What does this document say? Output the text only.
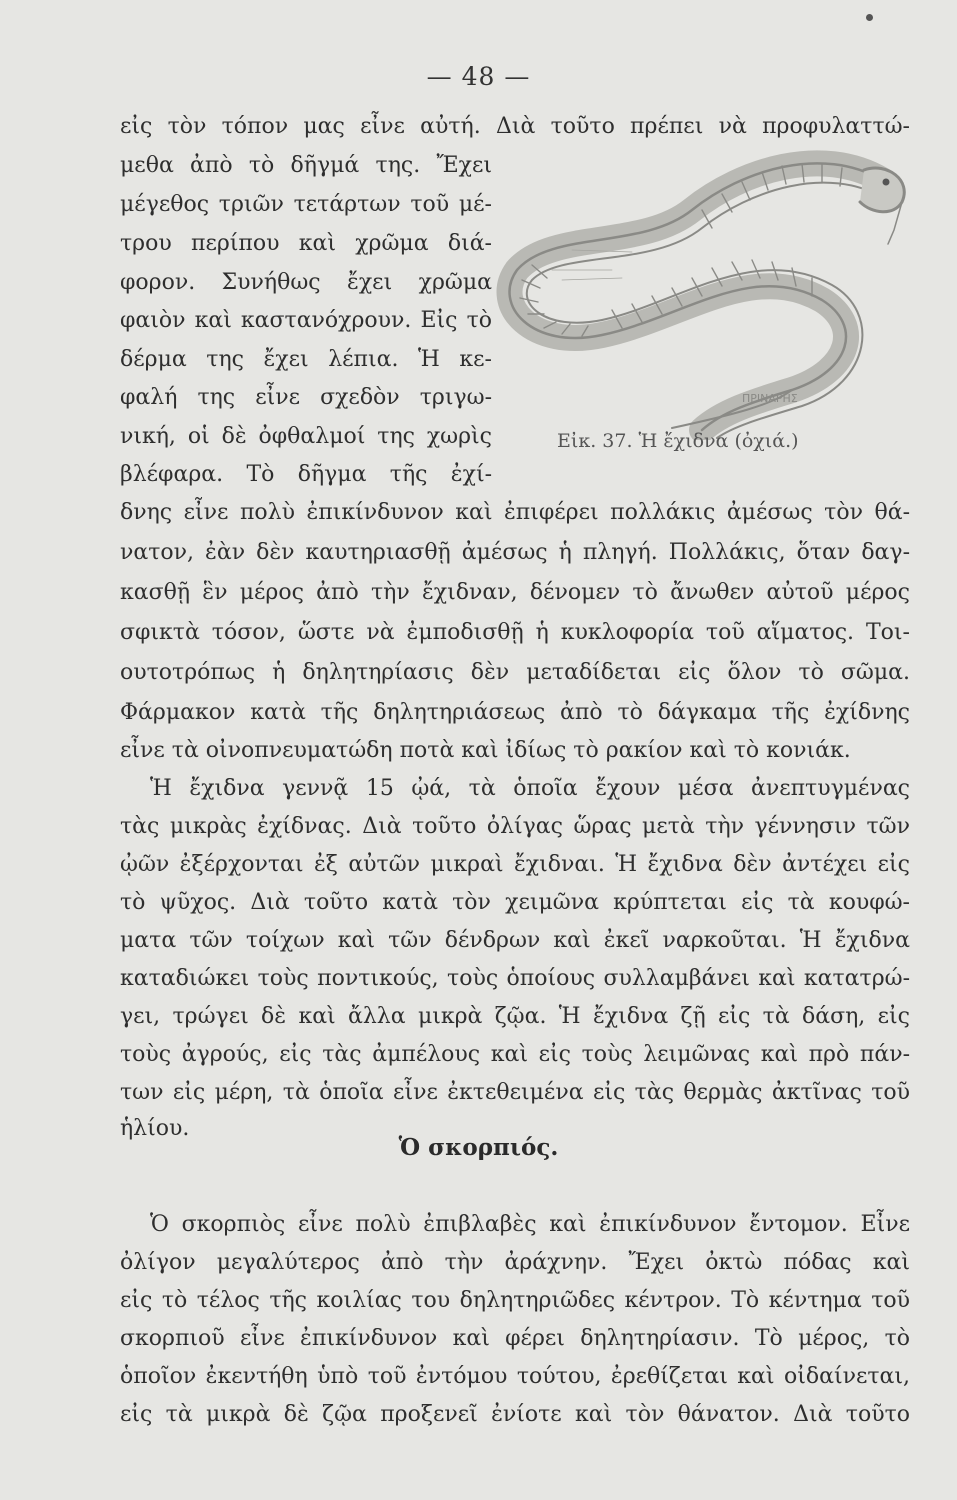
— 48 —
εἰς τὸν τόπον μας εἶνε αὐτή. Διὰ τοῦτο πρέπει νὰ προφυλαττώ-
μεθα ἀπὸ τὸ δῆγμά της. Ἔχει
μέγεθος τριῶν τετάρτων τοῦ μέ-
τρου περίπου καὶ χρῶμα διά-
φορον. Συνήθως ἔχει χρῶμα
φαιὸν καὶ καστανόχρουν. Εἰς τὸ
δέρμα της ἔχει λέπια. Ἡ κε-
φαλή της εἶνε σχεδὸν τριγω-
νική, οἱ δὲ ὀφθαλμοί της χωρὶς
βλέφαρα. Τὸ δῆγμα τῆς ἐχί-
ΠΡΙΝΑΡΗΣ
Εἰκ. 37. Ἡ ἔχιδνα (ὀχιά.)
δνης εἶνε πολὺ ἐπικίνδυνον καὶ ἐπιφέρει πολλάκις ἀμέσως τὸν θά-
νατον, ἐὰν δὲν καυτηριασθῇ ἀμέσως ἡ πληγή. Πολλάκις, ὅταν δαγ-
κασθῇ ἓν μέρος ἀπὸ τὴν ἔχιδναν, δένομεν τὸ ἄνωθεν αὐτοῦ μέρος
σφικτὰ τόσον, ὥστε νὰ ἐμποδισθῇ ἡ κυκλοφορία τοῦ αἵματος. Τοι-
ουτοτρόπως ἡ δηλητηρίασις δὲν μεταδίδεται εἰς ὅλον τὸ σῶμα.
Φάρμακον κατὰ τῆς δηλητηριάσεως ἀπὸ τὸ δάγκαμα τῆς ἐχίδνης
εἶνε τὰ οἰνοπνευματώδη ποτὰ καὶ ἰδίως τὸ ρακίον καὶ τὸ κονιάκ.
Ἡ ἔχιδνα γεννᾷ 15 ᾠά, τὰ ὁποῖα ἔχουν μέσα ἀνεπτυγμένας
τὰς μικρὰς ἐχίδνας. Διὰ τοῦτο ὀλίγας ὥρας μετὰ τὴν γέννησιν τῶν
ᾠῶν ἐξέρχονται ἐξ αὐτῶν μικραὶ ἔχιδναι. Ἡ ἔχιδνα δὲν ἀντέχει εἰς
τὸ ψῦχος. Διὰ τοῦτο κατὰ τὸν χειμῶνα κρύπτεται εἰς τὰ κουφώ-
ματα τῶν τοίχων καὶ τῶν δένδρων καὶ ἐκεῖ ναρκοῦται. Ἡ ἔχιδνα
καταδιώκει τοὺς ποντικούς, τοὺς ὁποίους συλλαμβάνει καὶ κατατρώ-
γει, τρώγει δὲ καὶ ἄλλα μικρὰ ζῷα. Ἡ ἔχιδνα ζῇ εἰς τὰ δάση, εἰς
τοὺς ἀγρούς, εἰς τὰς ἀμπέλους καὶ εἰς τοὺς λειμῶνας καὶ πρὸ πάν-
των εἰς μέρη, τὰ ὁποῖα εἶνε ἐκτεθειμένα εἰς τὰς θερμὰς ἀκτῖνας τοῦ
ἡλίου.
Ὁ σκορπιός.
Ὁ σκορπιὸς εἶνε πολὺ ἐπιβλαβὲς καὶ ἐπικίνδυνον ἔντομον. Εἶνε
ὀλίγον μεγαλύτερος ἀπὸ τὴν ἀράχνην. Ἔχει ὀκτὼ πόδας καὶ
εἰς τὸ τέλος τῆς κοιλίας του δηλητηριῶδες κέντρον. Τὸ κέντημα τοῦ
σκορπιοῦ εἶνε ἐπικίνδυνον καὶ φέρει δηλητηρίασιν. Τὸ μέρος, τὸ
ὁποῖον ἐκεντήθη ὑπὸ τοῦ ἐντόμου τούτου, ἐρεθίζεται καὶ οἰδαίνεται,
εἰς τὰ μικρὰ δὲ ζῷα προξενεῖ ἐνίοτε καὶ τὸν θάνατον. Διὰ τοῦτο
